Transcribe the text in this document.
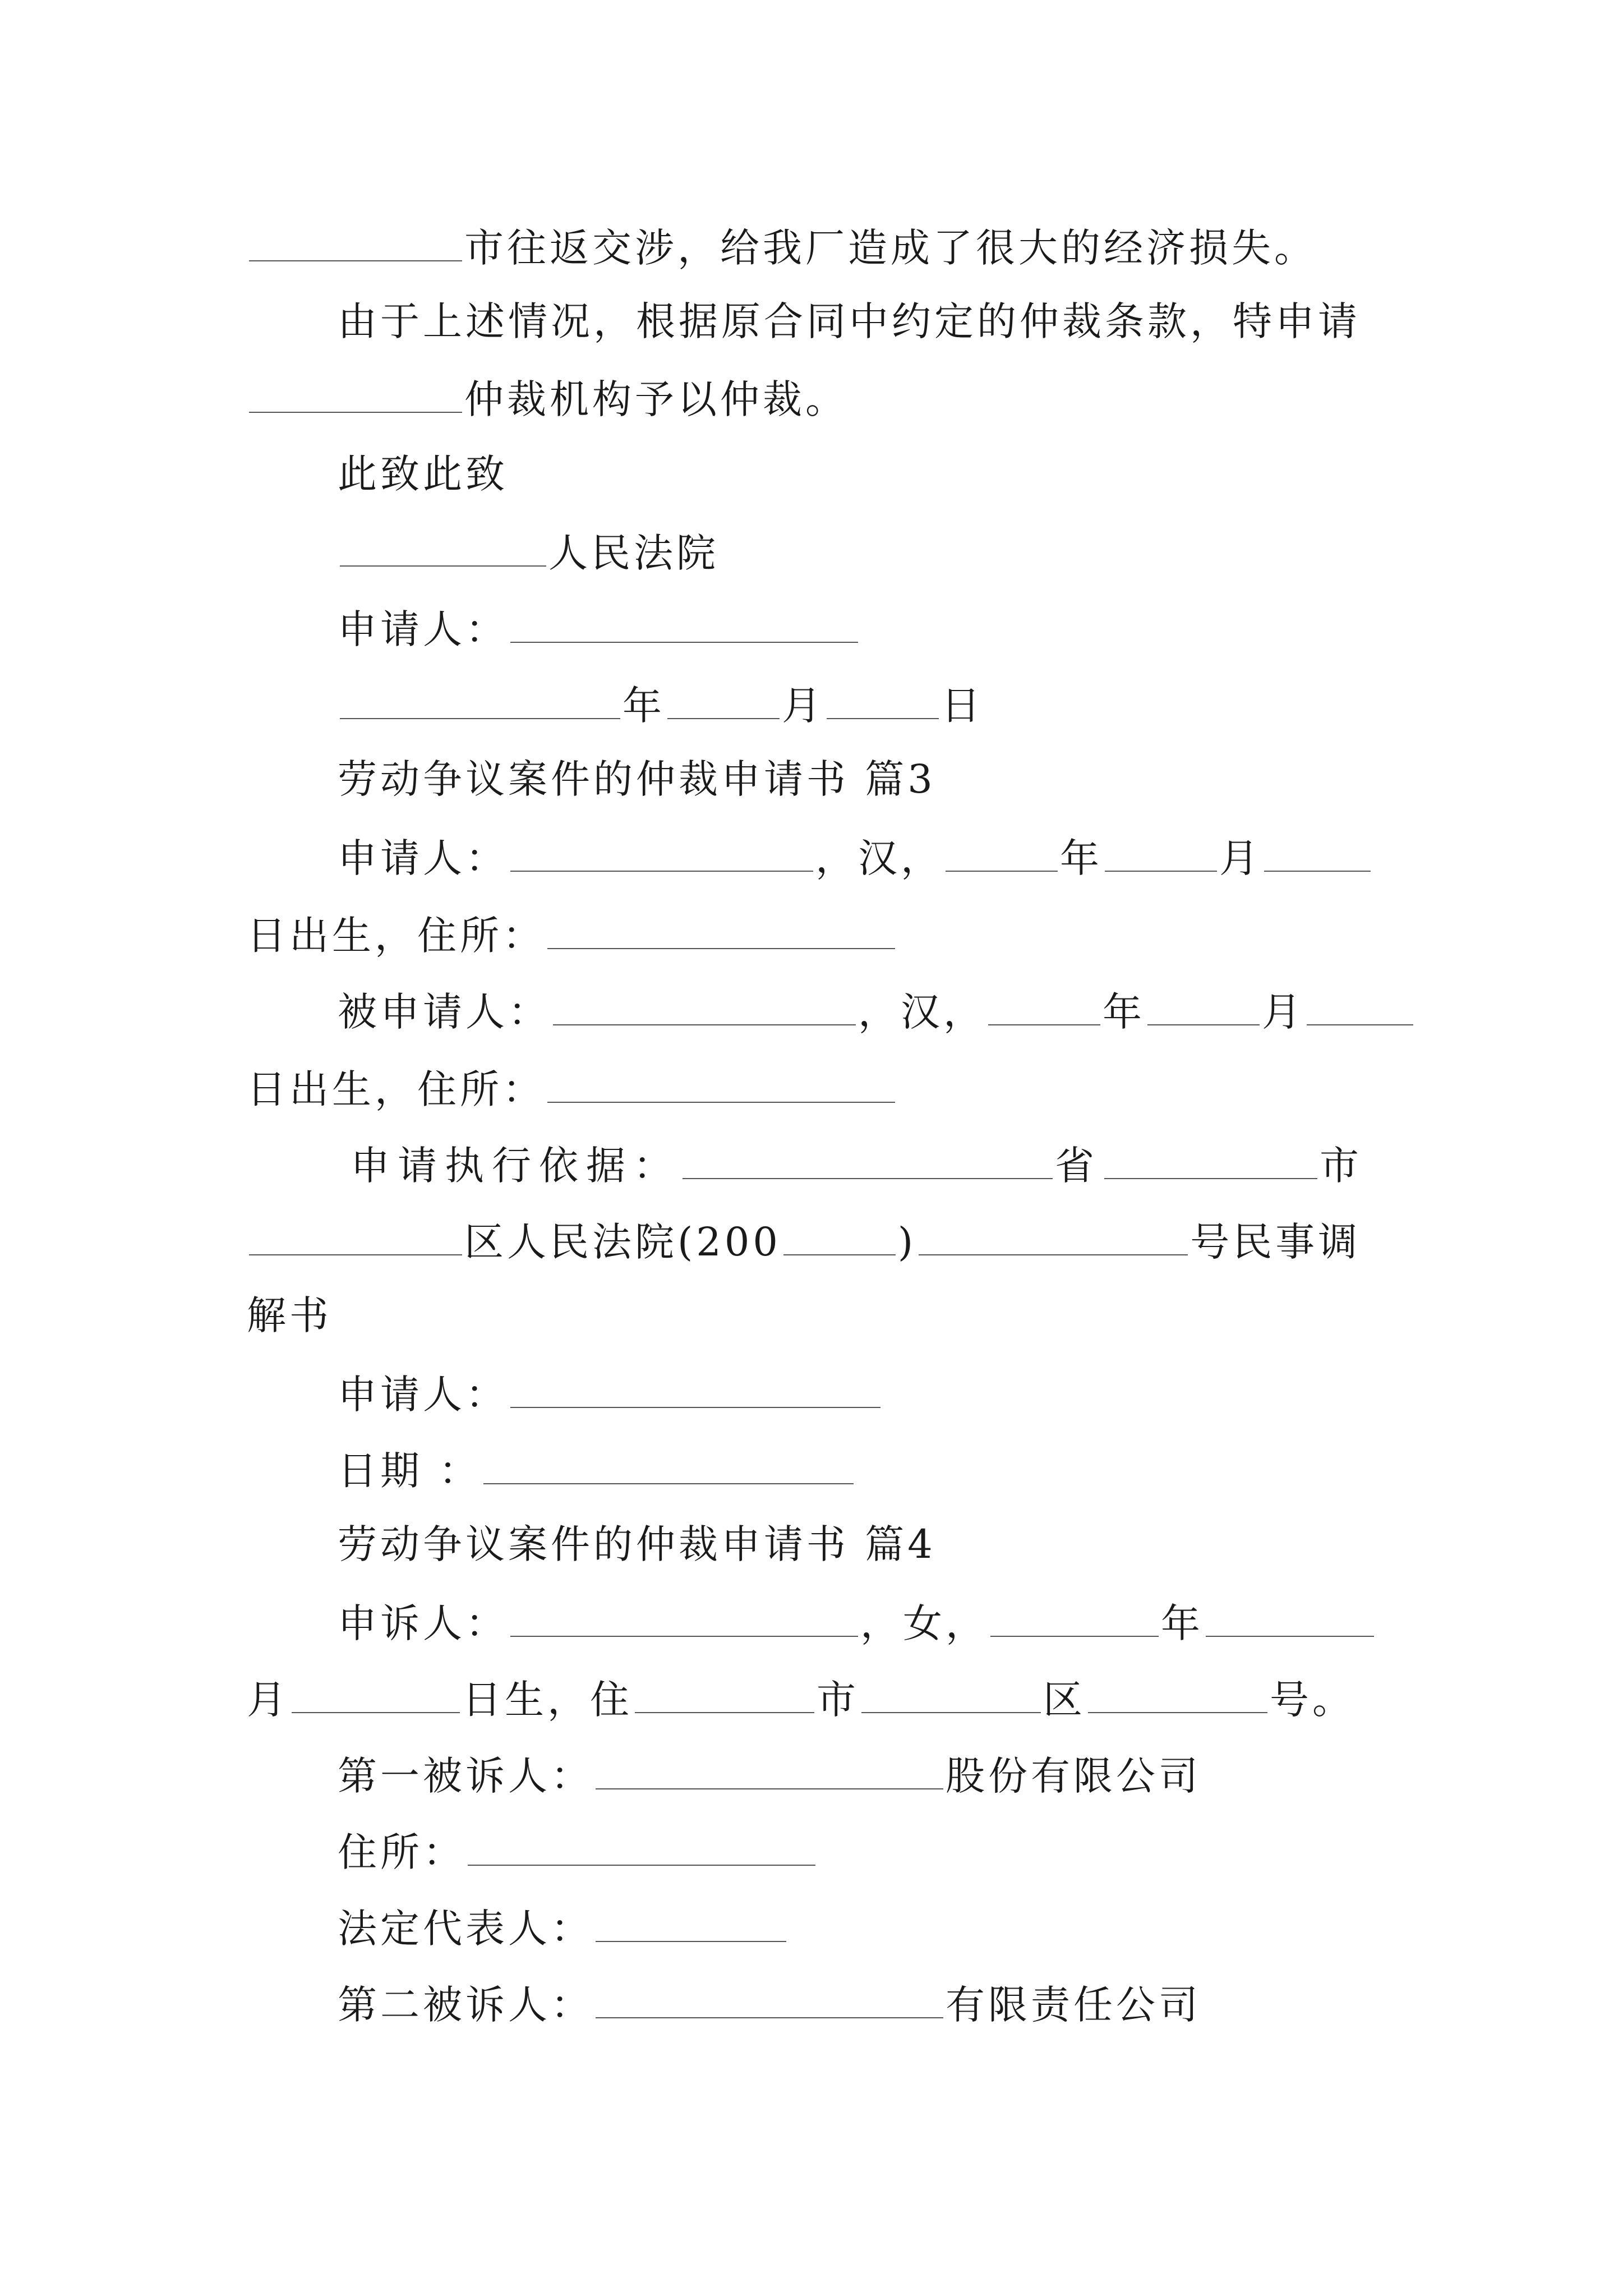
市往返交涉，给我厂造成了很大的经济损失。
由于上述情况，根据原合同中约定的仲裁条款，特申请
仲裁机构予以仲裁。
此致此致
人民法院
申请人：
年	月	日
劳动争议案件的仲裁申请书 篇3
申请人：	，汉，	年	月
日出生，住所：
被申请人：	，汉，	年	月
日出生，住所：
申请执行依据：	省	市
区人民法院(200	)	号民事调
解书
申请人：
日期 ：
劳动争议案件的仲裁申请书 篇4
申诉人：	，女，	年
月	日生，住	市	区	号。
第一被诉人：	股份有限公司
住所：
法定代表人：
第二被诉人：	有限责任公司
